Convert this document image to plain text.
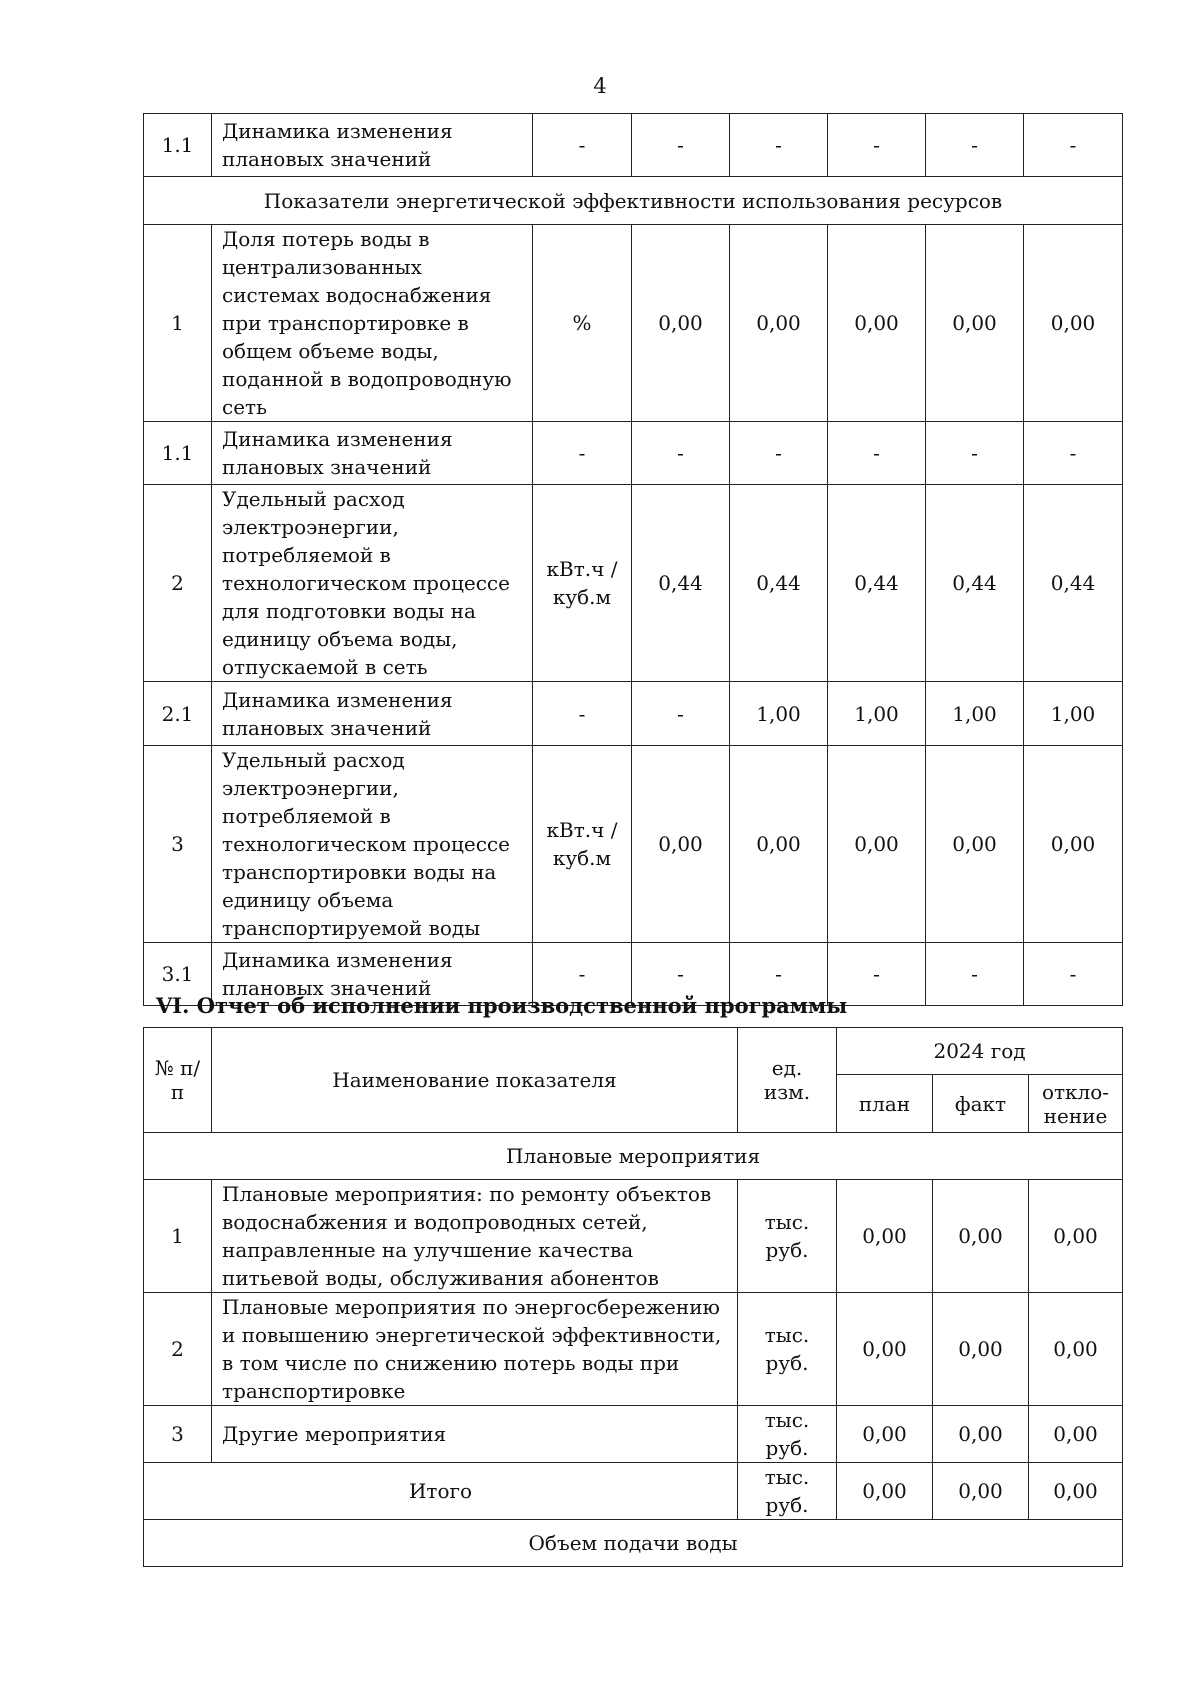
4
1.1	Динамика изменения плановых значений	-	-	-	-	-	-
Показатели энергетической эффективности использования ресурсов							
1	Доля потерь воды в централизованных системах водоснабжения при транспортировке в общем объеме воды, поданной в водопроводную сеть	%	0,00	0,00	0,00	0,00	0,00
1.1	Динамика изменения плановых значений	-	-	-	-	-	-
2	Удельный расход электроэнергии, потребляемой в технологическом процессе для подготовки воды на единицу объема воды, отпускаемой в сеть	кВт.ч / куб.м	0,44	0,44	0,44	0,44	0,44
2.1	Динамика изменения плановых значений	-	-	1,00	1,00	1,00	1,00
3	Удельный расход электроэнергии, потребляемой в технологическом процессе транспортировки воды на единицу объема транспортируемой воды	кВт.ч / куб.м	0,00	0,00	0,00	0,00	0,00
3.1	Динамика изменения плановых значений	-	-	-	-	-	-
VI. Отчет об исполнении производственной программы
№ п/п	Наименование показателя	ед. изм.	2024 год		
			план	факт	откло-нение
Плановые мероприятия					
1	Плановые мероприятия: по ремонту объектов водоснабжения и водопроводных сетей, направленные на улучшение качества питьевой воды, обслуживания абонентов	тыс. руб.	0,00	0,00	0,00
2	Плановые мероприятия по энергосбережению и повышению энергетической эффективности, в том числе по снижению потерь воды при транспортировке	тыс. руб.	0,00	0,00	0,00
3	Другие мероприятия	тыс. руб.	0,00	0,00	0,00
Итого		тыс. руб.	0,00	0,00	0,00
Объем подачи воды					
